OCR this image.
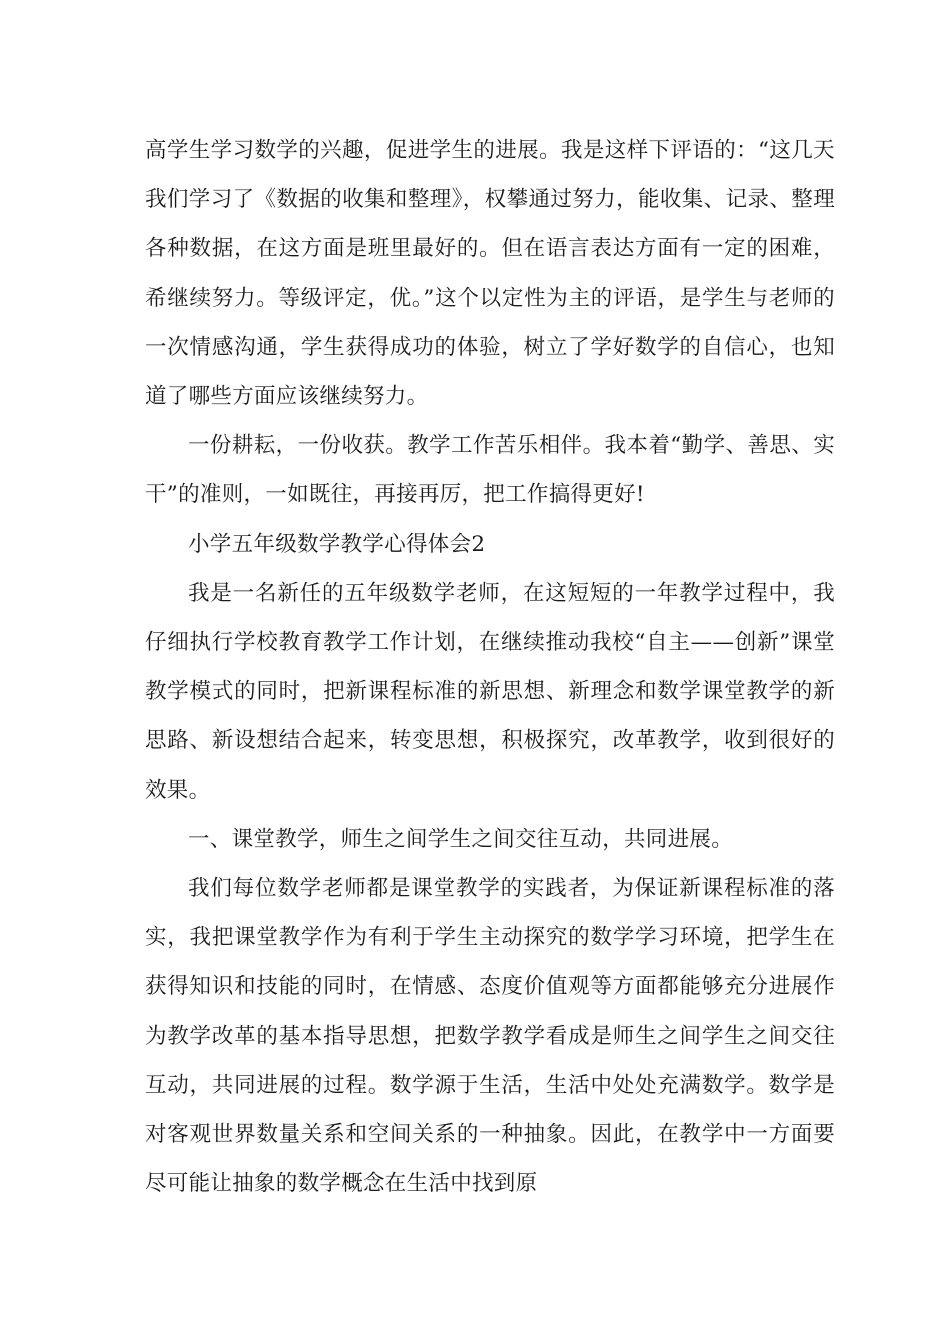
高学生学习数学的兴趣，促进学生的进展。我是这样下评语的：“这几天我们学习了《数据的收集和整理》，权攀通过努力，能收集、记录、整理各种数据，在这方面是班里最好的。但在语言表达方面有一定的困难，希继续努力。等级评定，优。”这个以定性为主的评语，是学生与老师的一次情感沟通，学生获得成功的体验，树立了学好数学的自信心，也知道了哪些方面应该继续努力。

一份耕耘，一份收获。教学工作苦乐相伴。我本着“勤学、善思、实干”的准则，一如既往，再接再厉，把工作搞得更好!

小学五年级数学教学心得体会2

我是一名新任的五年级数学老师，在这短短的一年教学过程中，我仔细执行学校教育教学工作计划，在继续推动我校“自主——创新”课堂教学模式的同时，把新课程标准的新思想、新理念和数学课堂教学的新思路、新设想结合起来，转变思想，积极探究，改革教学，收到很好的效果。

一、课堂教学，师生之间学生之间交往互动，共同进展。

我们每位数学老师都是课堂教学的实践者，为保证新课程标准的落实，我把课堂教学作为有利于学生主动探究的数学学习环境，把学生在获得知识和技能的同时，在情感、态度价值观等方面都能够充分进展作为教学改革的基本指导思想，把数学教学看成是师生之间学生之间交往互动，共同进展的过程。数学源于生活，生活中处处充满数学。数学是对客观世界数量关系和空间关系的一种抽象。因此，在教学中一方面要尽可能让抽象的数学概念在生活中找到原
